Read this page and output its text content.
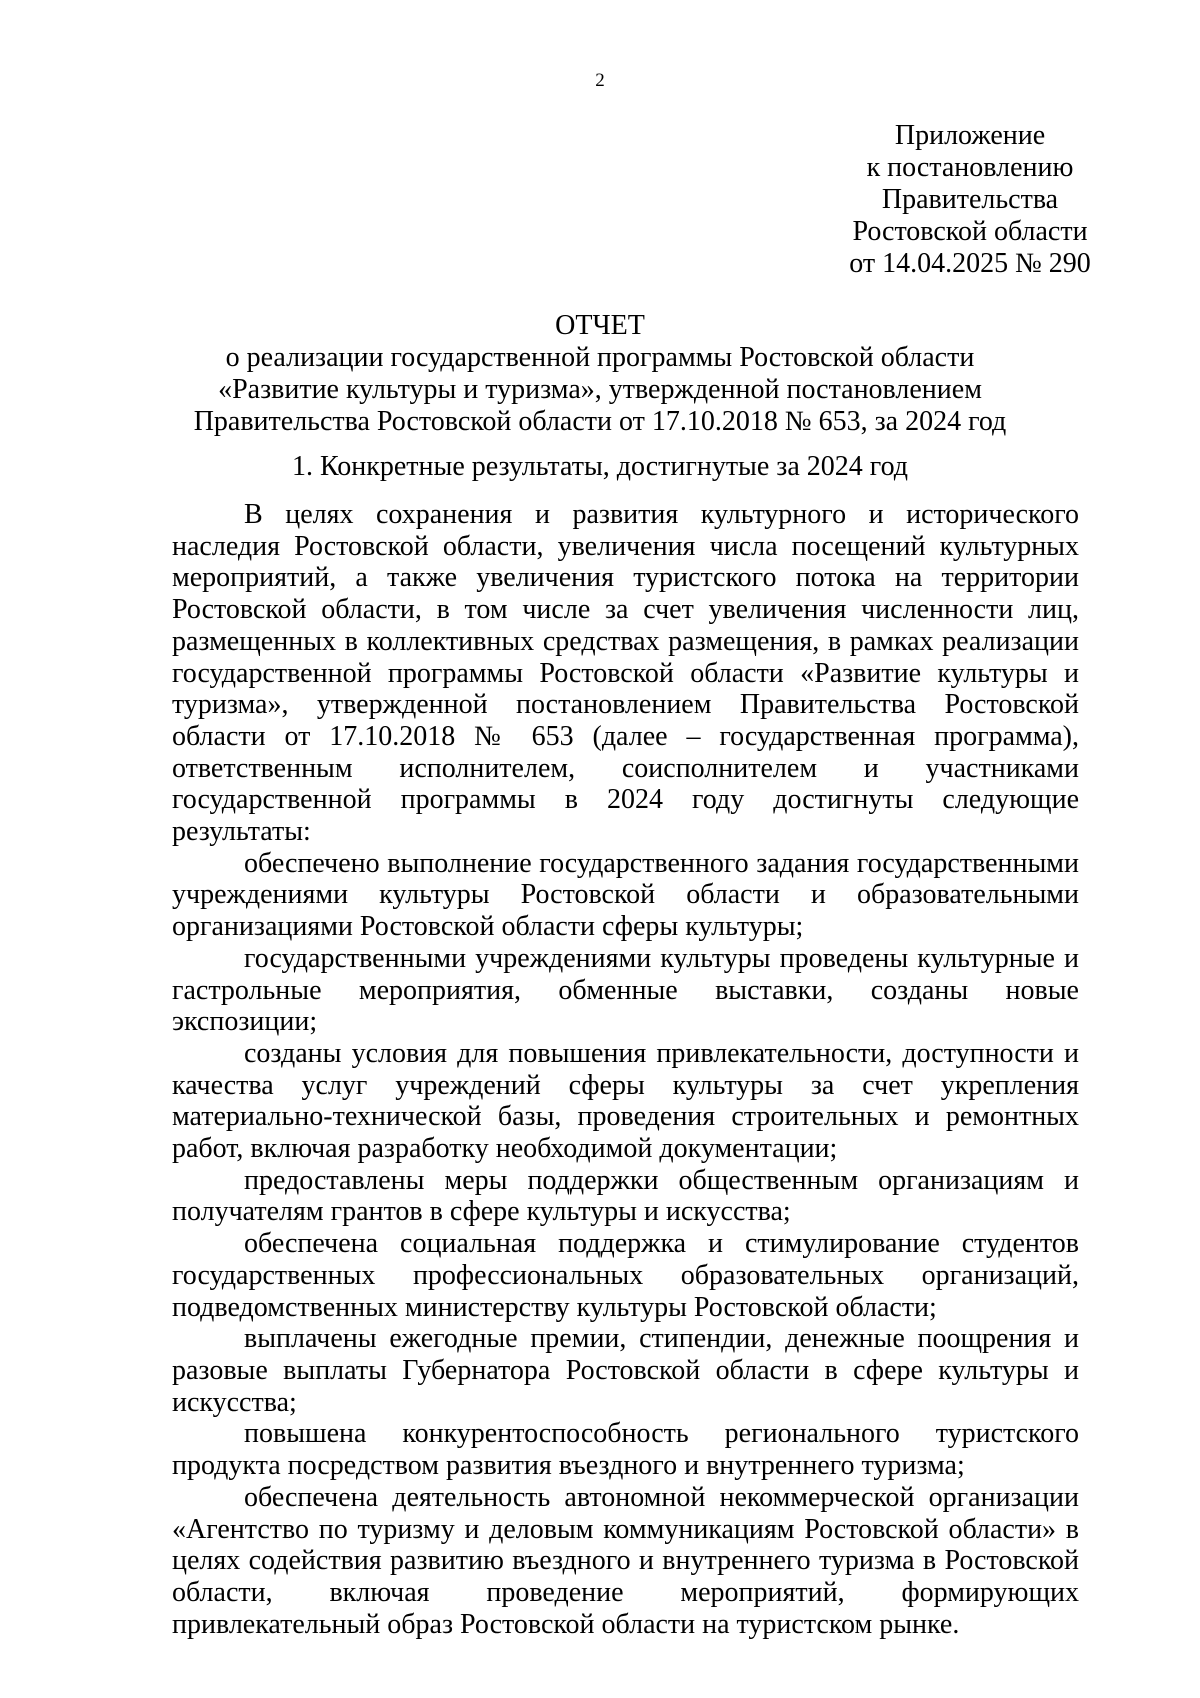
2
Приложение
к постановлению
Правительства
Ростовской области
от 14.04.2025 № 290
ОТЧЕТ
о реализации государственной программы Ростовской области
«Развитие культуры и туризма», утвержденной постановлением
Правительства Ростовской области от 17.10.2018 № 653, за 2024 год
1. Конкретные результаты, достигнутые за 2024 год

В целях сохранения и развития культурного и исторического наследия Ростовской области, увеличения числа посещений культурных мероприятий, а также увеличения туристского потока на территории Ростовской области, в том числе за счет увеличения численности лиц, размещенных в коллективных средствах размещения, в рамках реализации государственной программы Ростовской области «Развитие культуры и туризма», утвержденной постановлением Правительства Ростовской области от 17.10.2018 № 653 (далее – государственная программа), ответственным исполнителем, соисполнителем и участниками государственной программы в 2024 году достигнуты следующие результаты:

обеспечено выполнение государственного задания государственными учреждениями культуры Ростовской области и образовательными организациями Ростовской области сферы культуры;

государственными учреждениями культуры проведены культурные и гастрольные мероприятия, обменные выставки, созданы новые экспозиции;

созданы условия для повышения привлекательности, доступности и качества услуг учреждений сферы культуры за счет укрепления материально-технической базы, проведения строительных и ремонтных работ, включая разработку необходимой документации;

предоставлены меры поддержки общественным организациям и получателям грантов в сфере культуры и искусства;

обеспечена социальная поддержка и стимулирование студентов государственных профессиональных образовательных организаций, подведомственных министерству культуры Ростовской области;

выплачены ежегодные премии, стипендии, денежные поощрения и разовые выплаты Губернатора Ростовской области в сфере культуры и искусства;

повышена конкурентоспособность регионального туристского продукта посредством развития въездного и внутреннего туризма;

обеспечена деятельность автономной некоммерческой организации «Агентство по туризму и деловым коммуникациям Ростовской области» в целях содействия развитию въездного и внутреннего туризма в Ростовской области, включая проведение мероприятий, формирующих привлекательный образ Ростовской области на туристском рынке.
